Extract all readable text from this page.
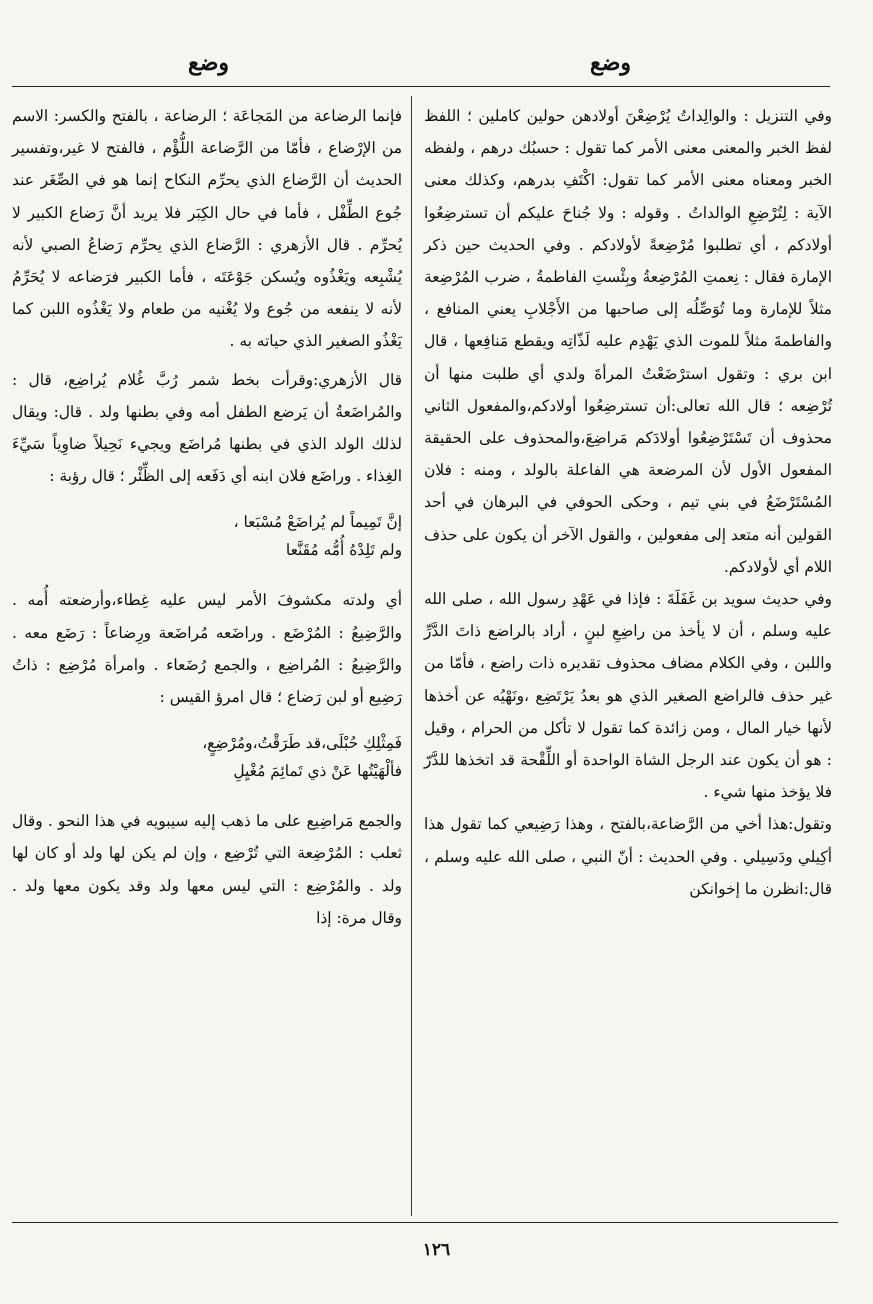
وضع
وضع

وفي التنزيل : والوالِداتُ يُرْضِعْنَ أولادهن حولين كاملين ؛ اللفظ لفظ الخبر والمعنى معنى الأمر كما تقول : حسبُك درهم ، ولفظه الخبر ومعناه معنى الأمر كما تقول: اكْتَفِ بدرهم، وكذلك معنى الآية : لِتُرْضِعِ الوالداتُ . وقوله : ولا جُناحَ عليكم أن تسترضِعُوا أولادكم ، أي تطلبوا مُرْضِعةً لأولادكم . وفي الحديث حين ذكر الإمارة فقال : نِعمتِ المُرْضِعةُ وبِئْستِ الفاطمةُ ، ضرب المُرْضِعة مثلاً للإمارة وما تُوَصِّلُه إلى صاحبها من الأَجْلابِ يعني المنافع ، والفاطمةَ مثلاً للموت الذي يَهْدِم عليه لَذّاتِه ويقطع مَنافِعها ، قال ابن بري : وتقول استرْضَعْتُ المرأةَ ولدي أي طلبت منها أن تُرْضِعه ؛ قال الله تعالى:أن تسترضِعُوا أولادكم،والمفعول الثاني محذوف أن تَسْتَرْضِعُوا أولادَكم مَراضِعَ،والمحذوف على الحقيقة المفعول الأول لأن المرضعة هي الفاعلة بالولد ، ومنه : فلان المُسْتَرْضَعُ في بني تيم ، وحكى الحوفي في البرهان في أحد القولين أنه متعد إلى مفعولين ، والقول الآخر أن يكون على حذف اللام أي لأولادكم.

وفي حديث سويد بن غَفَلَةَ : فإذا في عَهْدِ رسول الله ، صلى الله عليه وسلم ، أن لا يأخذ من راضِعِ لبنٍ ، أراد بالراضع ذاتَ الدَّرِّ واللبن ، وفي الكلام مضاف محذوف تقديره ذات راضع ، فأمّا من غير حذف فالراضع الصغير الذي هو بعدُ يَرْتَضِع ،ونَهْيُه عن أخذها لأنها خيار المال ، ومن زائدة كما تقول لا تأكل من الحرام ، وقيل : هو أن يكون عند الرجل الشاة الواحدة أو اللِّقْحة قد اتخذها للدَّرّ فلا يؤخذ منها شيء .

وتقول:هذا أخي من الرَّضاعة،بالفتح ، وهذا رَضِيعي كما تقول هذا أكِيلي ودَسِيلي . وفي الحديث : أنّ النبي ، صلى الله عليه وسلم ، قال:انظرن ما إخوانكن

فإنما الرضاعة من المَجاعَة ؛ الرضاعة ، بالفتح والكسر: الاسم من الإرْضاع ، فأمّا من الرَّضاعة اللُّؤْم ، فالفتح لا غير،وتفسير الحديث أن الرَّضاع الذي يحرِّم النكاح إنما هو في الصِّغَر عند جُوع الطِّفْل ، فأما في حال الكِبَر فلا يريد أنَّ رَضاع الكبير لا يُحرِّم . قال الأزهري : الرَّضاع الذي يحرِّم رَضاعُ الصبي لأنه يُشْبِعه ويَغْذُوه ويُسكن جَوْعَتَه ، فأما الكبير فرَضاعه لا يُحَرِّمُ لأنه لا ينفعه من جُوع ولا يُغْنيه من طعام ولا يَغْذُوه اللبن كما يَغْذُو الصغير الذي حياته به .

قال الأزهري:وقرأت بخط شمر رُبَّ غُلام يُراضِع، قال : والمُراضَعةُ أن يَرضع الطفل أمه وفي بطنها ولد . قال: ويقال لذلك الولد الذي في بطنها مُراضَع ويجيء نَحِيلاً ضاوِياً سَيِّءَ الغِذاء . وراضَع فلان ابنه أي دَفَعه إلى الظِّئْر ؛ قال رؤبة :

إنَّ تَمِيماً لم يُراضَعْ مُسْبَعا ،
ولم تَلِدْهُ أُمُّه مُقَنَّعا

أي ولدته مكشوفَ الأمر ليس عليه غِطاء،وأرضعته أُمه . والرَّضِيعُ : المُرْضَع . وراضَعه مُراضَعة ورِضاعاً : رَضَع معه . والرَّضِيعُ : المُراضِع ، والجمع رُضَعاء . وامرأة مُرْضِع : ذاتُ رَضِيع أو لبن رَضاع ؛ قال امرؤ القيس :

فَمِثْلِكِ حُبْلَى،قد طَرَقْتُ،ومُرْضِعٍ،
فألْهَيْتُها عَنْ ذي تَمائِمَ مُغْيِلِ

والجمع مَراضِيع على ما ذهب إليه سيبويه في هذا النحو . وقال ثعلب : المُرْضِعة التي تُرْضِع ، وإن لم يكن لها ولد أو كان لها ولد . والمُرْضِع : التي ليس معها ولد وقد يكون معها ولد . وقال مرة: إذا

١٢٦
